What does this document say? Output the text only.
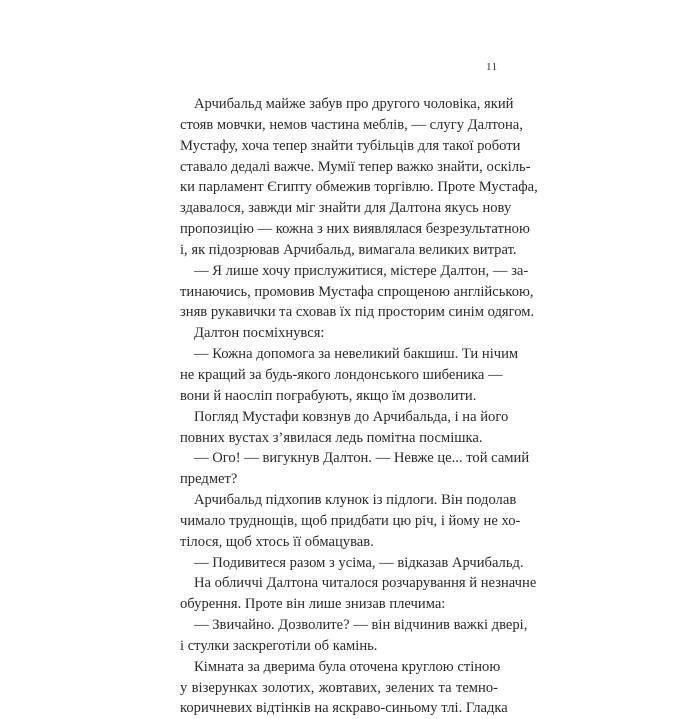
11
Арчибальд майже забув про другого чоловіка, який
стояв мовчки, немов частина меблів, — слугу Далтона,
Мустафу, хоча тепер знайти тубільців для такої роботи
ставало дедалі важче. Мумії тепер важко знайти, оскіль-
ки парламент Єгипту обмежив торгівлю. Проте Мустафа,
здавалося, завжди міг знайти для Далтона якусь нову
пропозицію — кожна з них виявлялася безрезультатною
і, як підозрював Арчибальд, вимагала великих витрат.
— Я лише хочу прислужитися, містере Далтон, — за-
тинаючись, промовив Мустафа спрощеною англійською,
зняв рукавички та сховав їх під просторим синім одягом.
Далтон посміхнувся:
— Кожна допомога за невеликий бакшиш. Ти нічим
не кращий за будь-якого лондонського шибеника —
вони й наосліп пограбують, якщо їм дозволити.
Погляд Мустафи ковзнув до Арчибальда, і на його
повних вустах з’явилася ледь помітна посмішка.
— Ого! — вигукнув Далтон. — Невже це... той самий
предмет?
Арчибальд підхопив клунок із підлоги. Він подолав
чимало труднощів, щоб придбати цю річ, і йому не хо-
тілося, щоб хтось її обмацував.
— Подивитеся разом з усіма, — відказав Арчибальд.
На обличчі Далтона читалося розчарування й незначне
обурення. Проте він лише знизав плечима:
— Звичайно. Дозволите? — він відчинив важкі двері,
і стулки заскреготіли об камінь.
Кімната за дверима була оточена круглою стіною
у візерунках золотих, жовтавих, зелених та темно-
коричневих відтінків на яскраво-синьому тлі. Гладка
